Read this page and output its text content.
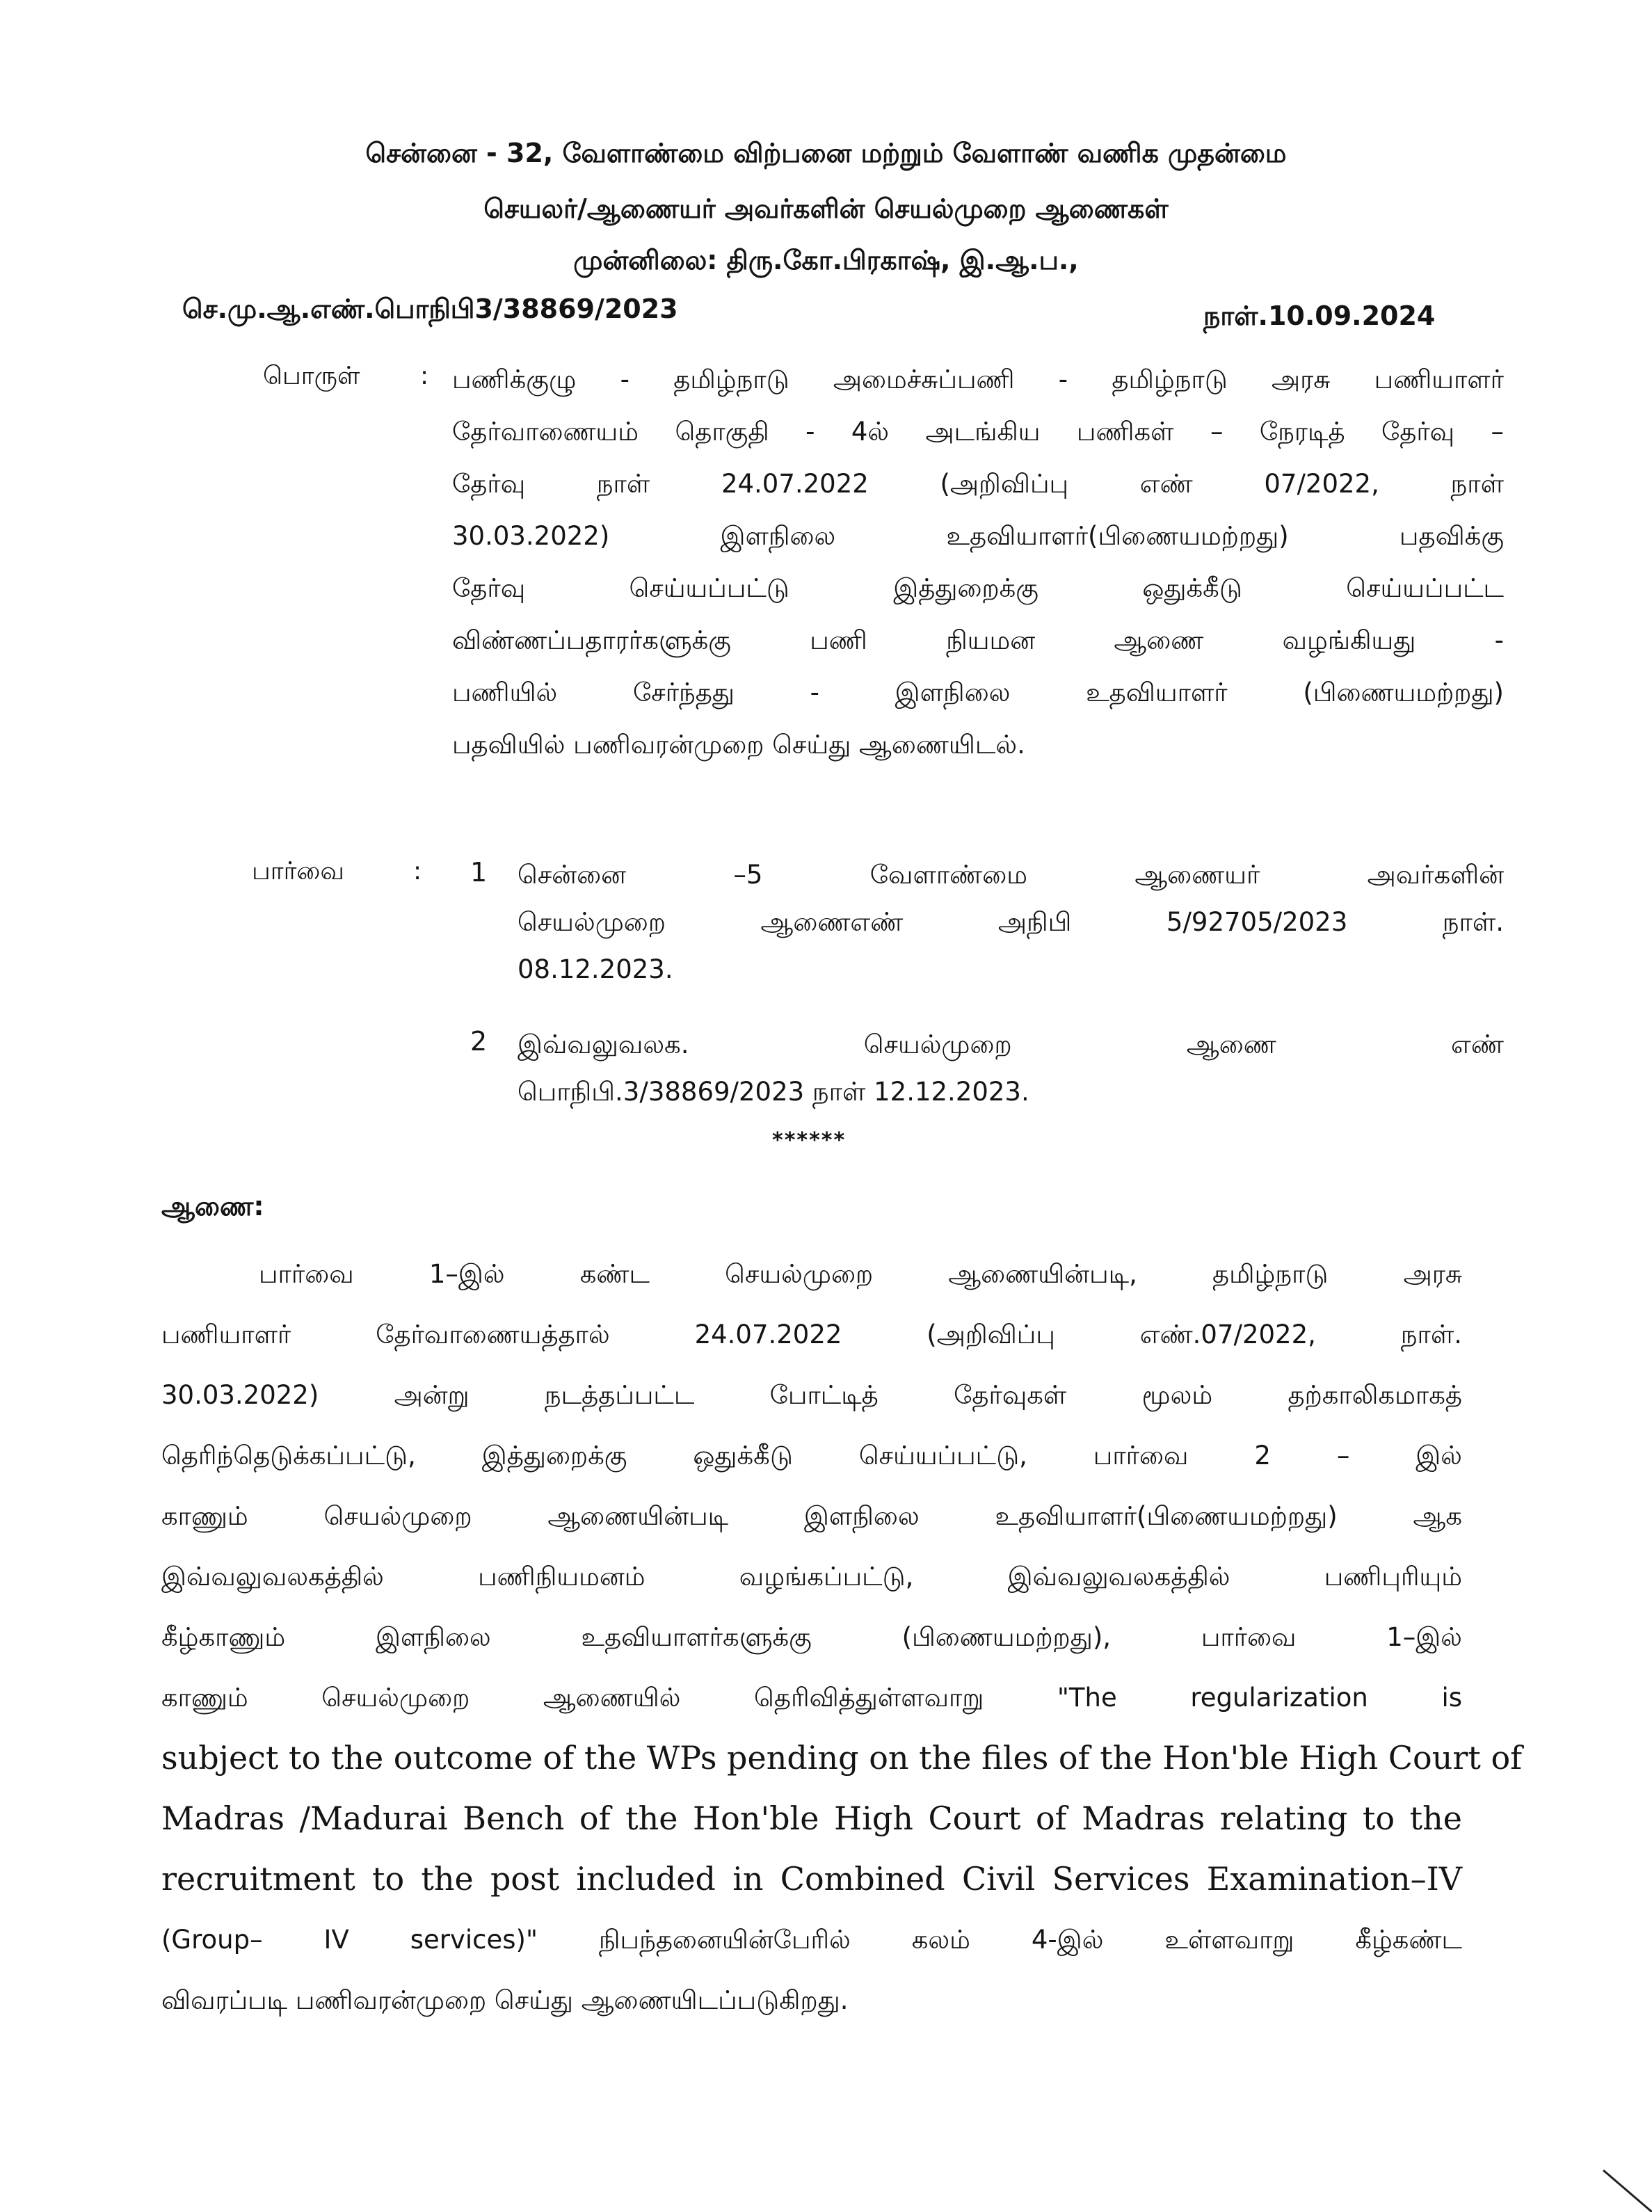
சென்னை - 32, வேளாண்மை விற்பனை மற்றும் வேளாண் வணிக முதன்மை
செயலர்/ஆணையர் அவர்களின் செயல்முறை ஆணைகள்
முன்னிலை: திரு.கோ.பிரகாஷ், இ.ஆ.ப.,
செ.மு.ஆ.எண்.பொநிபி3/38869/2023	நாள்.10.09.2024
பொருள் : பணிக்குழு - தமிழ்நாடு அமைச்சுப்பணி - தமிழ்நாடு அரசு பணியாளர்
தேர்வாணையம் தொகுதி - 4ல் அடங்கிய பணிகள் – நேரடித் தேர்வு –
தேர்வு நாள் 24.07.2022 (அறிவிப்பு எண் 07/2022, நாள்
30.03.2022) இளநிலை உதவியாளர்(பிணையமற்றது) பதவிக்கு
தேர்வு செய்யப்பட்டு இத்துறைக்கு ஒதுக்கீடு செய்யப்பட்ட
விண்ணப்பதாரர்களுக்கு பணி நியமன ஆணை வழங்கியது -
பணியில் சேர்ந்தது - இளநிலை உதவியாளர் (பிணையமற்றது)
பதவியில் பணிவரன்முறை செய்து ஆணையிடல்.
பார்வை	: 1 சென்னை –5 வேளாண்மை ஆணையர் அவர்களின்
செயல்முறை ஆணைஎண் அநிபி 5/92705/2023 நாள்.
08.12.2023.
2 இவ்வலுவலக. செயல்முறை ஆணை எண்
பொநிபி.3/38869/2023 நாள் 12.12.2023.
******
ஆணை:
பார்வை 1–இல் கண்ட செயல்முறை ஆணையின்படி, தமிழ்நாடு அரசு
பணியாளர் தேர்வாணையத்தால் 24.07.2022 (அறிவிப்பு எண்.07/2022, நாள்.
30.03.2022) அன்று நடத்தப்பட்ட போட்டித் தேர்வுகள் மூலம் தற்காலிகமாகத்
தெரிந்தெடுக்கப்பட்டு, இத்துறைக்கு ஒதுக்கீடு செய்யப்பட்டு, பார்வை 2 – இல்
காணும் செயல்முறை ஆணையின்படி இளநிலை உதவியாளர்(பிணையமற்றது) ஆக
இவ்வலுவலகத்தில் பணிநியமனம் வழங்கப்பட்டு, இவ்வலுவலகத்தில் பணிபுரியும்
கீழ்காணும் இளநிலை உதவியாளர்களுக்கு (பிணையமற்றது), பார்வை 1–இல்
காணும் செயல்முறை ஆணையில் தெரிவித்துள்ளவாறு "The regularization is
subject to the outcome of the WPs pending on the files of the Hon'ble High Court of
Madras /Madurai Bench of the Hon'ble High Court of Madras relating to the
recruitment to the post included in Combined Civil Services Examination–IV
(Group– IV services)" நிபந்தனையின்பேரில் கலம் 4-இல் உள்ளவாறு கீழ்கண்ட
விவரப்படி பணிவரன்முறை செய்து ஆணையிடப்படுகிறது.
